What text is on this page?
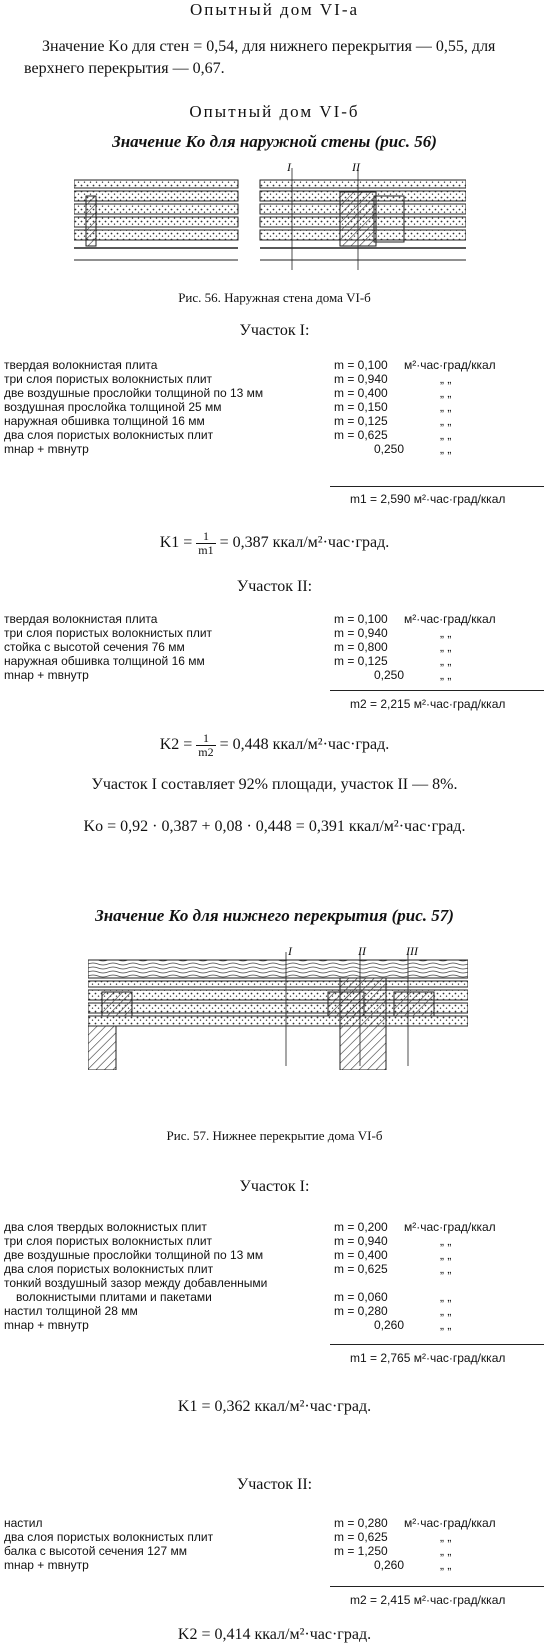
Опытный дом VI-а
Значение Ko для стен = 0,54, для нижнего перекрытия — 0,55, для верхнего перекрытия — 0,67.
Опытный дом VI-б
Значение Ko для наружной стены (рис. 56)
I	II
Рис. 56. Наружная стена дома VI-б
Участок I:
твердая волокнистая плита	m = 0,100 м²·час·град/ккал
три слоя пористых волокнистых плит	m = 0,940	„ „
две воздушные прослойки толщиной по 13 мм	m = 0,400	„ „
воздушная прослойка толщиной 25 мм	m = 0,150	„ „
наружная обшивка толщиной 16 мм	m = 0,125	„ „
два слоя пористых волокнистых плит	m = 0,625	„ „
mнар + mвнутр	0,250	„ „
m1 = 2,590 м²·час·град/ккал
$K1 = \frac{1}{m1} = 0,387$ ккал/м²·час·град.
Участок II:
твердая волокнистая плита	m = 0,100 м²·час·град/ккал
три слоя пористых волокнистых плит	m = 0,940	„ „
стойка с высотой сечения 76 мм	m = 0,800	„ „
наружная обшивка толщиной 16 мм	m = 0,125	„ „
mнар + mвнутр	0,250	„ „
m2 = 2,215 м²·час·град/ккал
$K2 = \frac{1}{m2} = 0,448$ ккал/м²·час·град.
Участок I составляет 92% площади, участок II — 8%.
Ko = 0,92 · 0,387 + 0,08 · 0,448 = 0,391 ккал/м²·час·град.
Значение Ko для нижнего перекрытия (рис. 57)
I	II	III
Рис. 57. Нижнее перекрытие дома VI-б
Участок I:
два слоя твердых волокнистых плит	m = 0,200 м²·час·град/ккал
три слоя пористых волокнистых плит	m = 0,940	„ „
две воздушные прослойки толщиной по 13 мм	m = 0,400	„ „
два слоя пористых волокнистых плит	m = 0,625	„ „
тонкий воздушный зазор между добавленными
волокнистыми плитами и пакетами	m = 0,060	„ „
настил толщиной 28 мм	m = 0,280	„ „
mнар + mвнутр	0,260	„ „
m1 = 2,765 м²·час·град/ккал
K1 = 0,362 ккал/м²·час·град.
Участок II:
настил	m = 0,280 м²·час·град/ккал
два слоя пористых волокнистых плит	m = 0,625	„ „
балка с высотой сечения 127 мм	m = 1,250	„ „
mнар + mвнутр	0,260	„ „
m2 = 2,415 м²·час·град/ккал
K2 = 0,414 ккал/м²·час·град.
